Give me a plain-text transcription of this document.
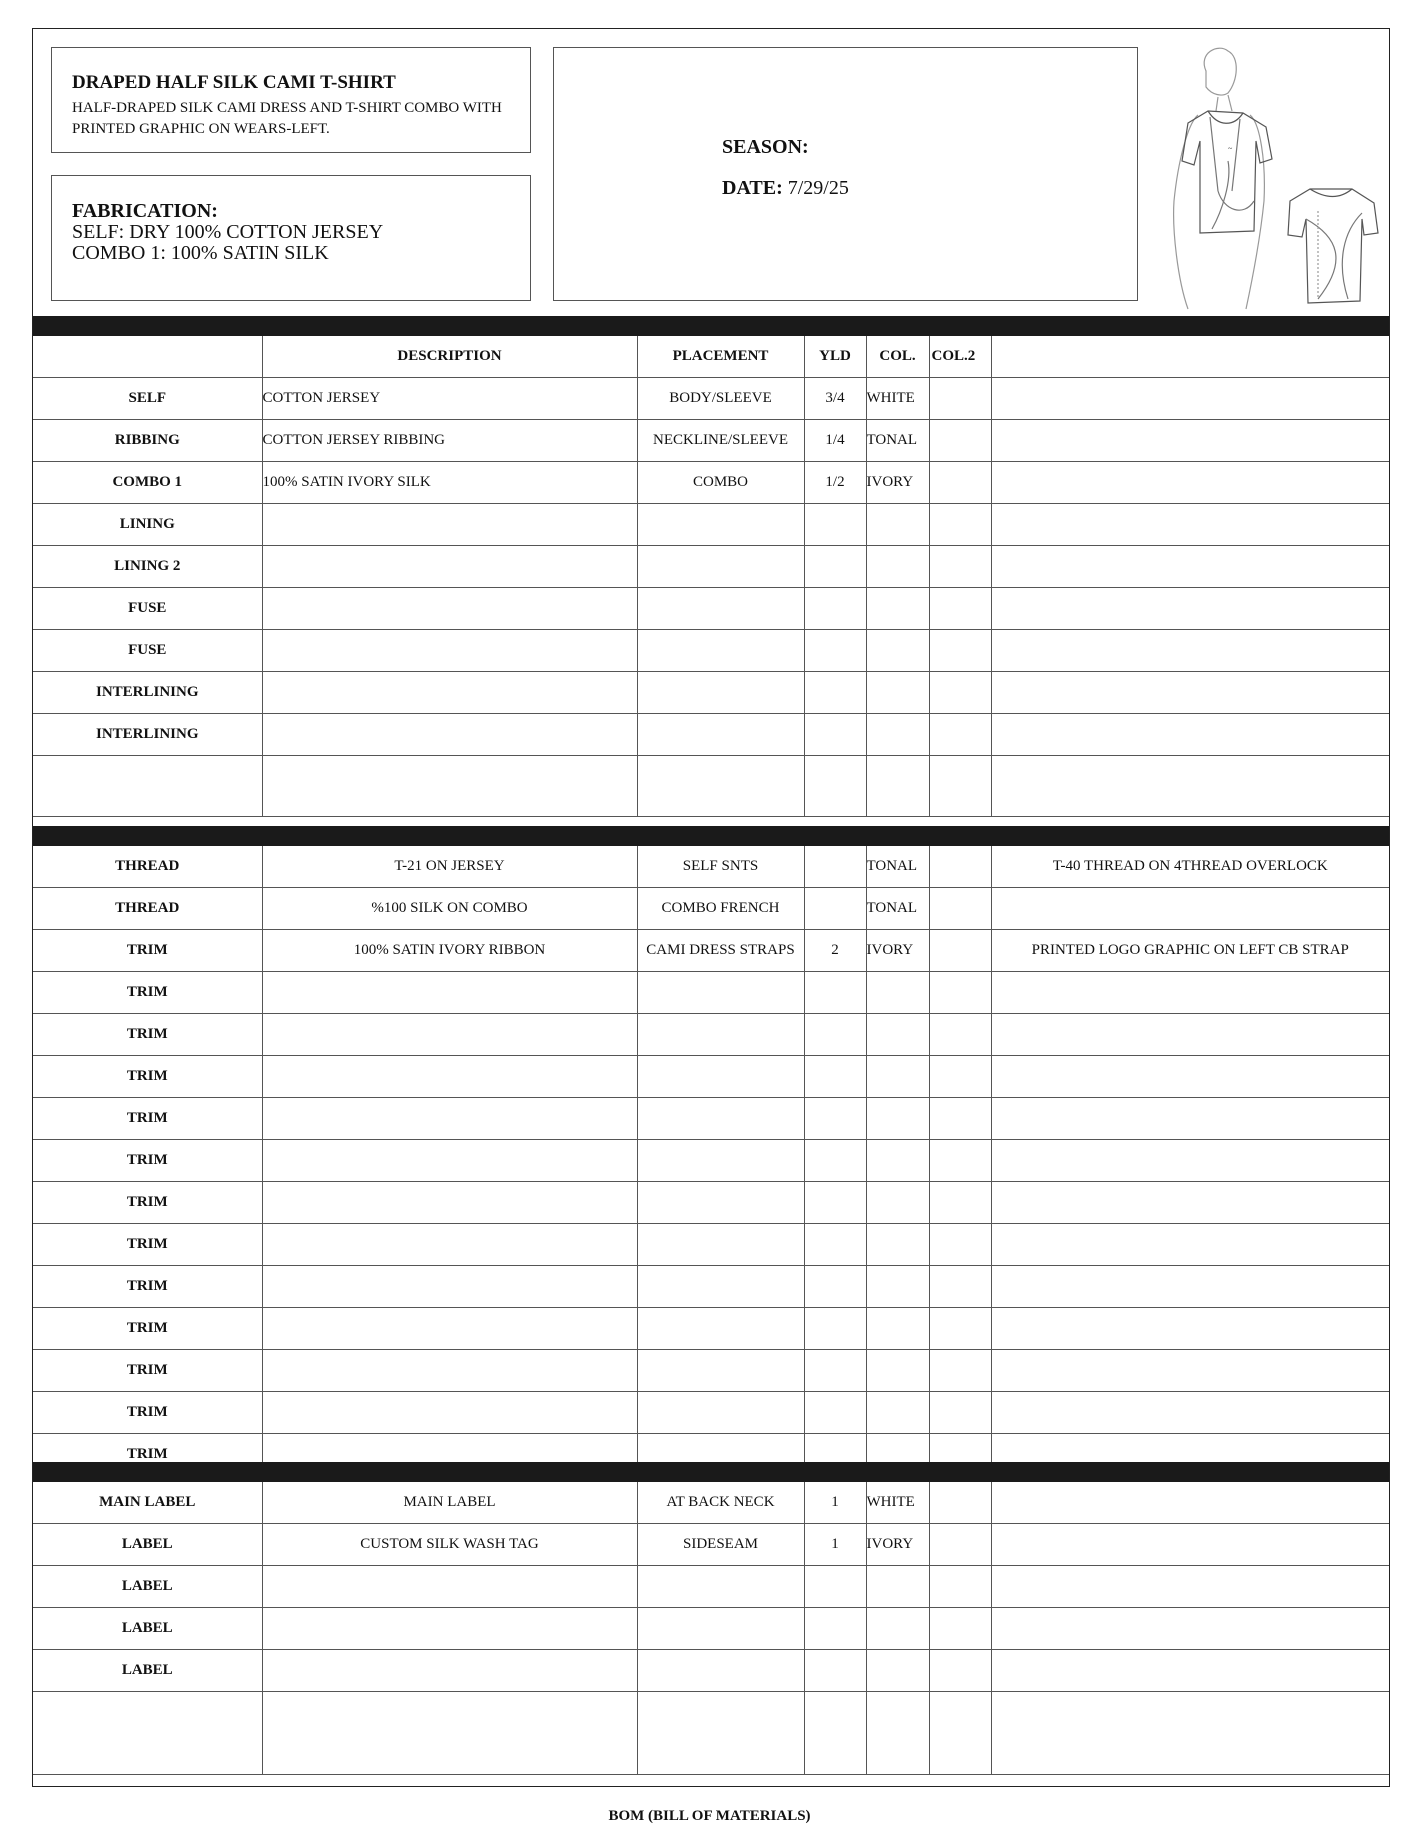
DRAPED HALF SILK CAMI T-SHIRT
HALF-DRAPED SILK CAMI DRESS AND T-SHIRT COMBO WITH PRINTED GRAPHIC ON WEARS-LEFT.
FABRICATION:
SELF: DRY 100% COTTON JERSEY
COMBO 1: 100% SATIN SILK
SEASON:
DATE: 7/29/25
~
	DESCRIPTION	PLACEMENT	YLD	COL.	COL.2	
SELF	COTTON JERSEY	BODY/SLEEVE	3/4	WHITE		
RIBBING	COTTON JERSEY RIBBING	NECKLINE/SLEEVE	1/4	TONAL		
COMBO 1	100% SATIN IVORY SILK	COMBO	1/2	IVORY		
LINING						
LINING 2						
FUSE						
FUSE						
INTERLINING						
INTERLINING						

THREAD	T-21 ON JERSEY	SELF SNTS		TONAL		T-40 THREAD ON 4THREAD OVERLOCK
THREAD	%100 SILK ON COMBO	COMBO FRENCH		TONAL		
TRIM	100% SATIN IVORY RIBBON	CAMI DRESS STRAPS	2	IVORY		PRINTED LOGO GRAPHIC ON LEFT CB STRAP
TRIM						
TRIM						
TRIM						
TRIM						
TRIM						
TRIM						
TRIM						
TRIM						
TRIM						
TRIM						
TRIM						
TRIM						
MAIN LABEL	MAIN LABEL	AT BACK NECK	1	WHITE		
LABEL	CUSTOM SILK WASH TAG	SIDESEAM	1	IVORY		
LABEL						
LABEL						
LABEL						

BOM (BILL OF MATERIALS)
